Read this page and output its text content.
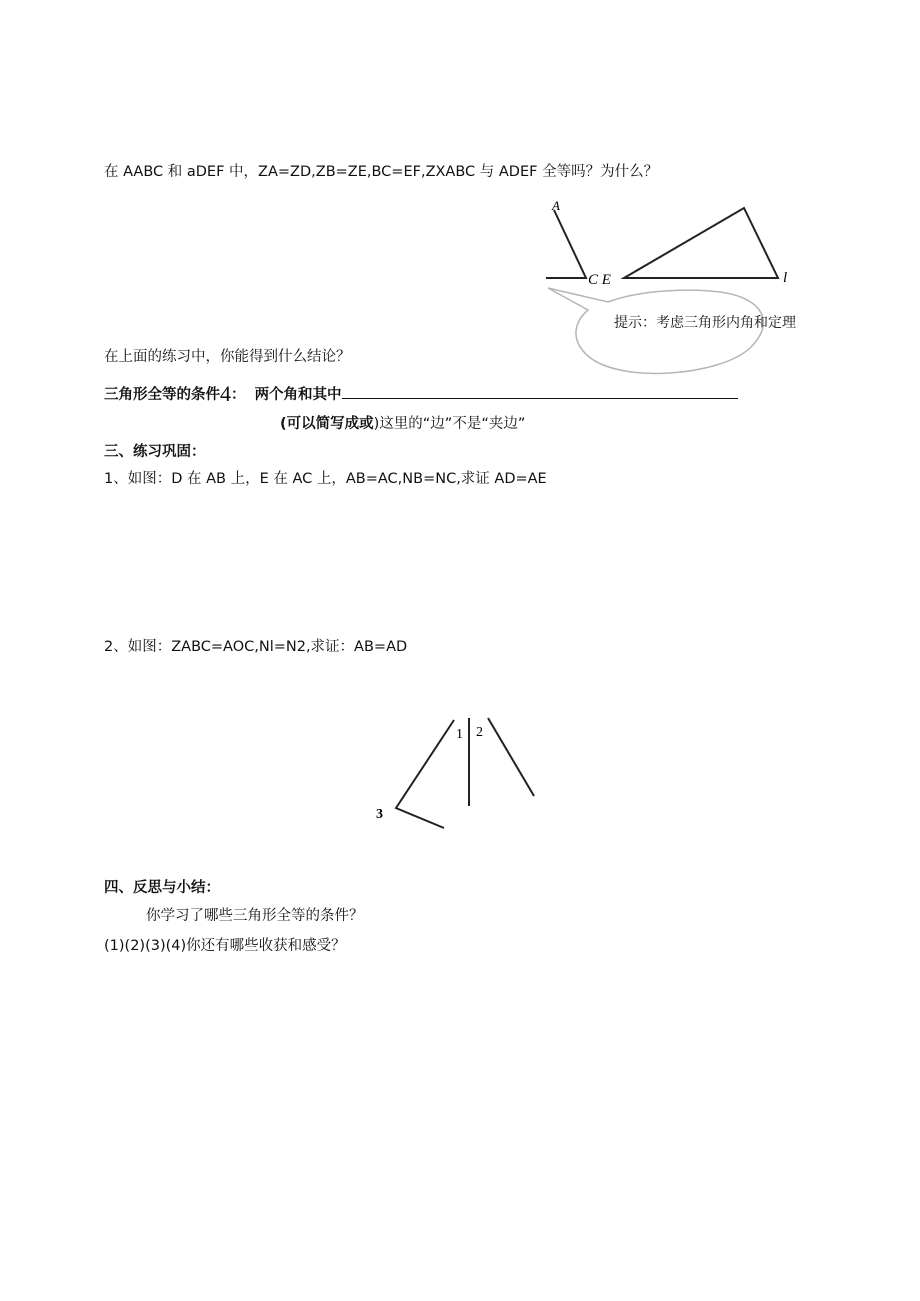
在 AABC 和 aDEF 中，ZA=ZD,ZB=ZE,BC=EF,ZXABC 与 ADEF 全等吗？为什么？
A
C E	l
提示：考虑三角形内角和定理
在上面的练习中，你能得到什么结论？
三角形全等的条件4： 两个角和其中
(可以简写成或)这里的“边”不是“夹边”
三、练习巩固：
1、如图：D 在 AB 上，E 在 AC 上，AB=AC,NB=NC,求证 AD=AE
2、如图：ZABC=AOC,Nl=N2,求证：AB=AD
1 2
3
四、反思与小结：
你学习了哪些三角形全等的条件？
(1)(2)(3)(4)你还有哪些收获和感受？
